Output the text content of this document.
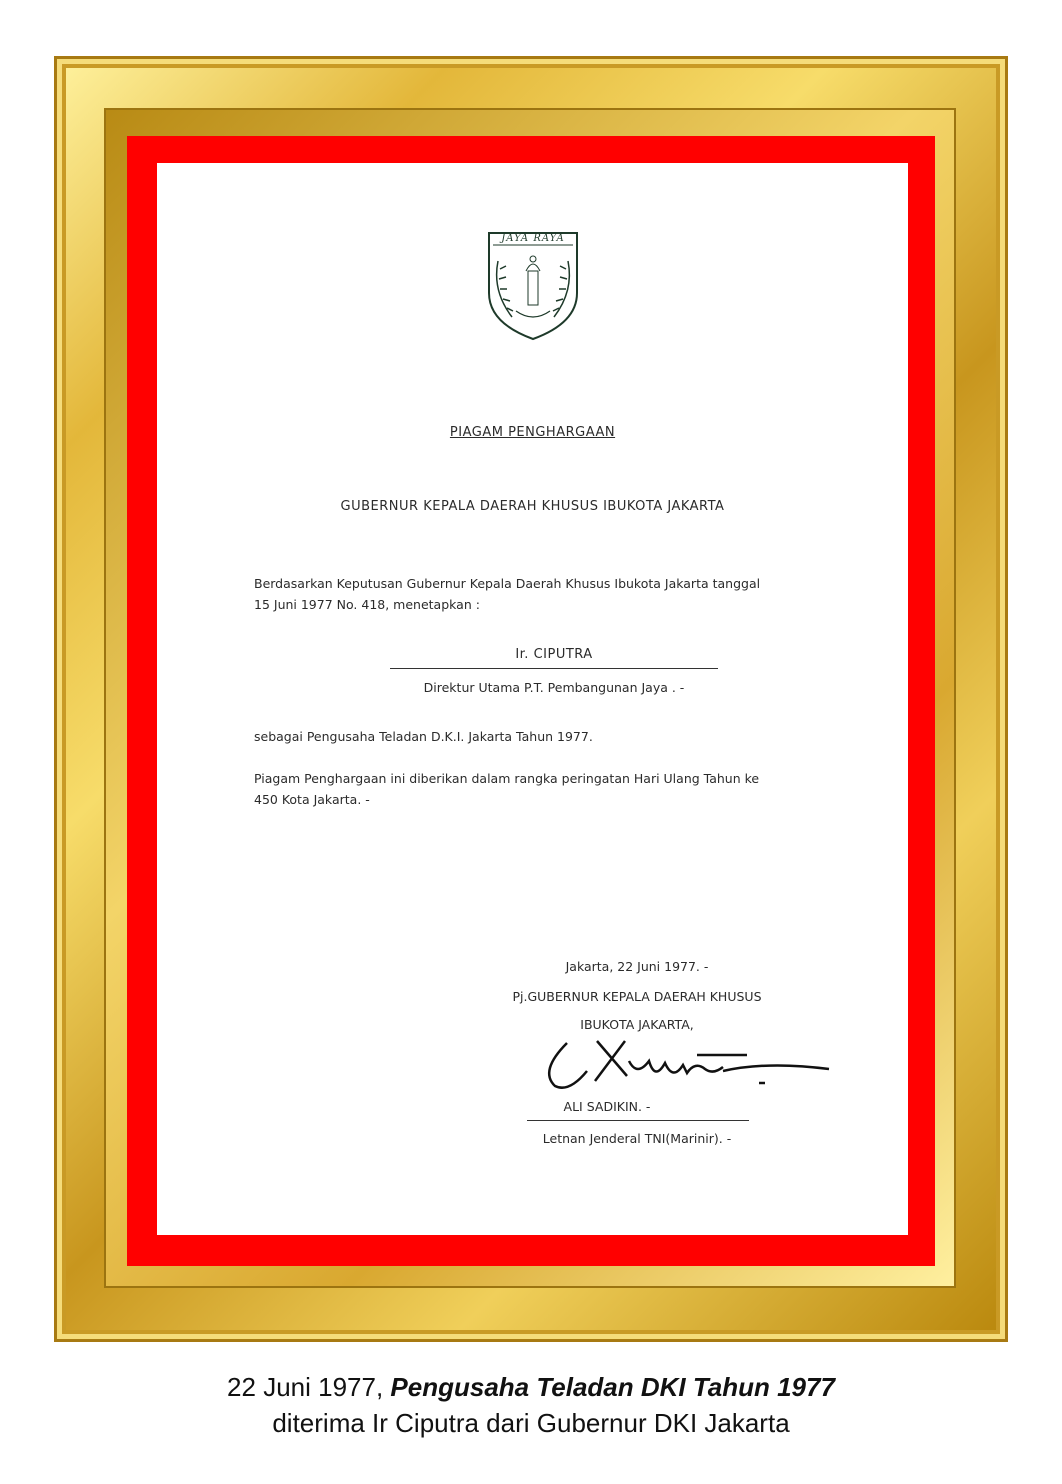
JAYA RAYA
PIAGAM PENGHARGAAN
GUBERNUR KEPALA DAERAH KHUSUS IBUKOTA JAKARTA
Berdasarkan Keputusan Gubernur Kepala Daerah Khusus Ibukota Jakarta tanggal
15 Juni 1977 No. 418, menetapkan :
Ir. CIPUTRA
Direktur Utama P.T. Pembangunan Jaya . -
sebagai Pengusaha Teladan D.K.I. Jakarta Tahun 1977.
Piagam Penghargaan ini diberikan dalam rangka peringatan Hari Ulang Tahun ke
450 Kota Jakarta. -
Jakarta, 22 Juni 1977. -
Pj.GUBERNUR KEPALA DAERAH KHUSUS
IBUKOTA JAKARTA,
ALI SADIKIN. -
Letnan Jenderal TNI(Marinir). -
22 Juni 1977, Pengusaha Teladan DKI Tahun 1977
diterima Ir Ciputra dari Gubernur DKI Jakarta
